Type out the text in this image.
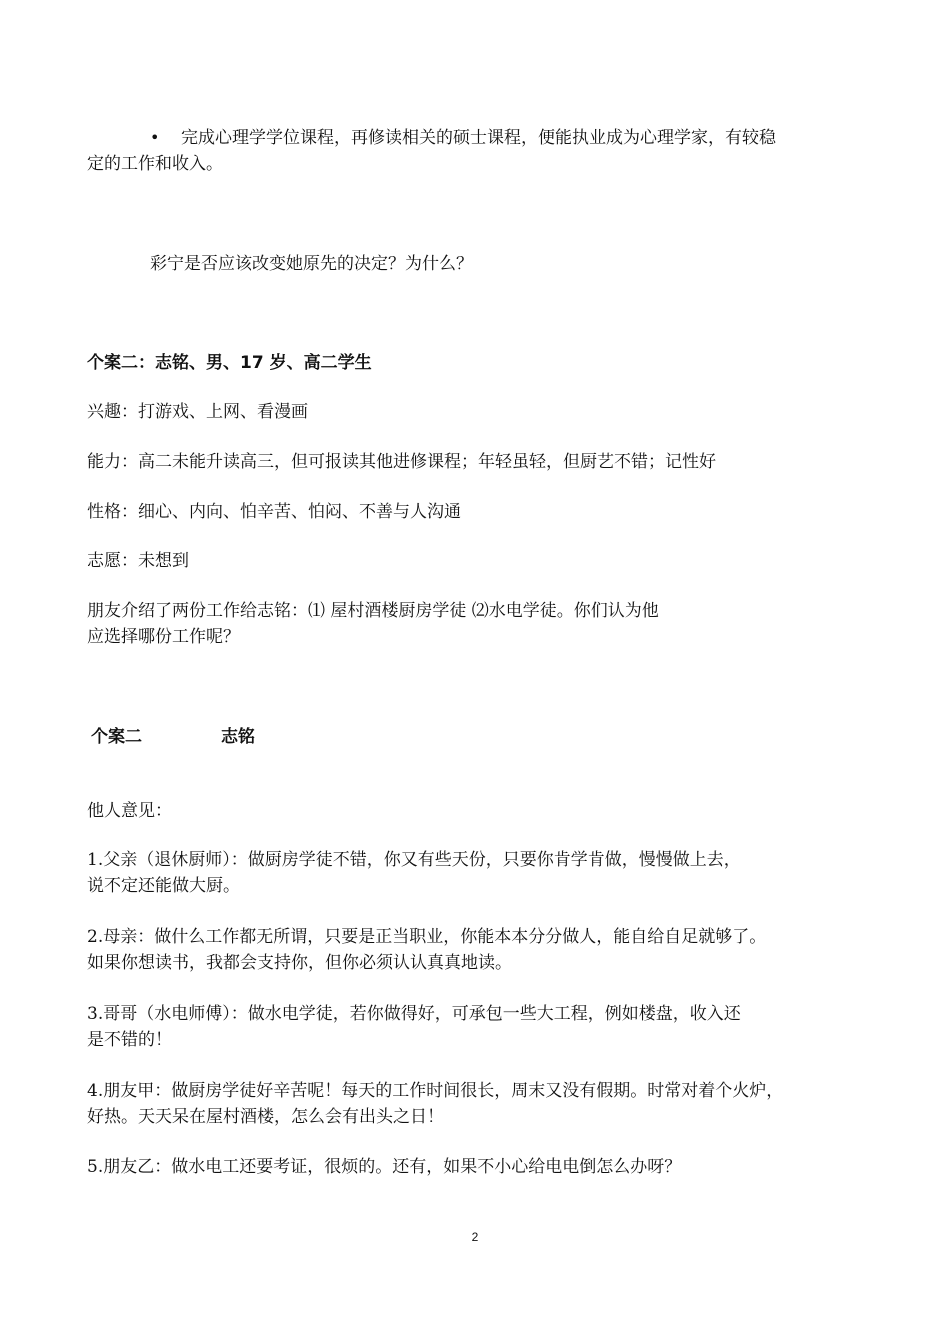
• 完成心理学学位课程，再修读相关的硕士课程，便能执业成为心理学家，有较稳
定的工作和收入。
彩宁是否应该改变她原先的决定？为什么？
个案二：志铭、男、17 岁、高二学生
兴趣：打游戏、上网、看漫画
能力：高二未能升读高三，但可报读其他进修课程；年轻虽轻，但厨艺不错；记性好
性格：细心、内向、怕辛苦、怕闷、不善与人沟通
志愿：未想到
朋友介绍了两份工作给志铭：⑴ 屋村酒楼厨房学徒 ⑵水电学徒。你们认为他
应选择哪份工作呢？
个案二	志铭
他人意见：
1.父亲（退休厨师）：做厨房学徒不错，你又有些天份，只要你肯学肯做，慢慢做上去，
说不定还能做大厨。
2.母亲：做什么工作都无所谓，只要是正当职业，你能本本分分做人，能自给自足就够了。
如果你想读书，我都会支持你，但你必须认认真真地读。
3.哥哥（水电师傅）：做水电学徒，若你做得好，可承包一些大工程，例如楼盘，收入还
是不错的！
4.朋友甲：做厨房学徒好辛苦呢！每天的工作时间很长，周末又没有假期。时常对着个火炉，
好热。天天呆在屋村酒楼，怎么会有出头之日！
5.朋友乙：做水电工还要考证，很烦的。还有，如果不小心给电电倒怎么办呀？
2
